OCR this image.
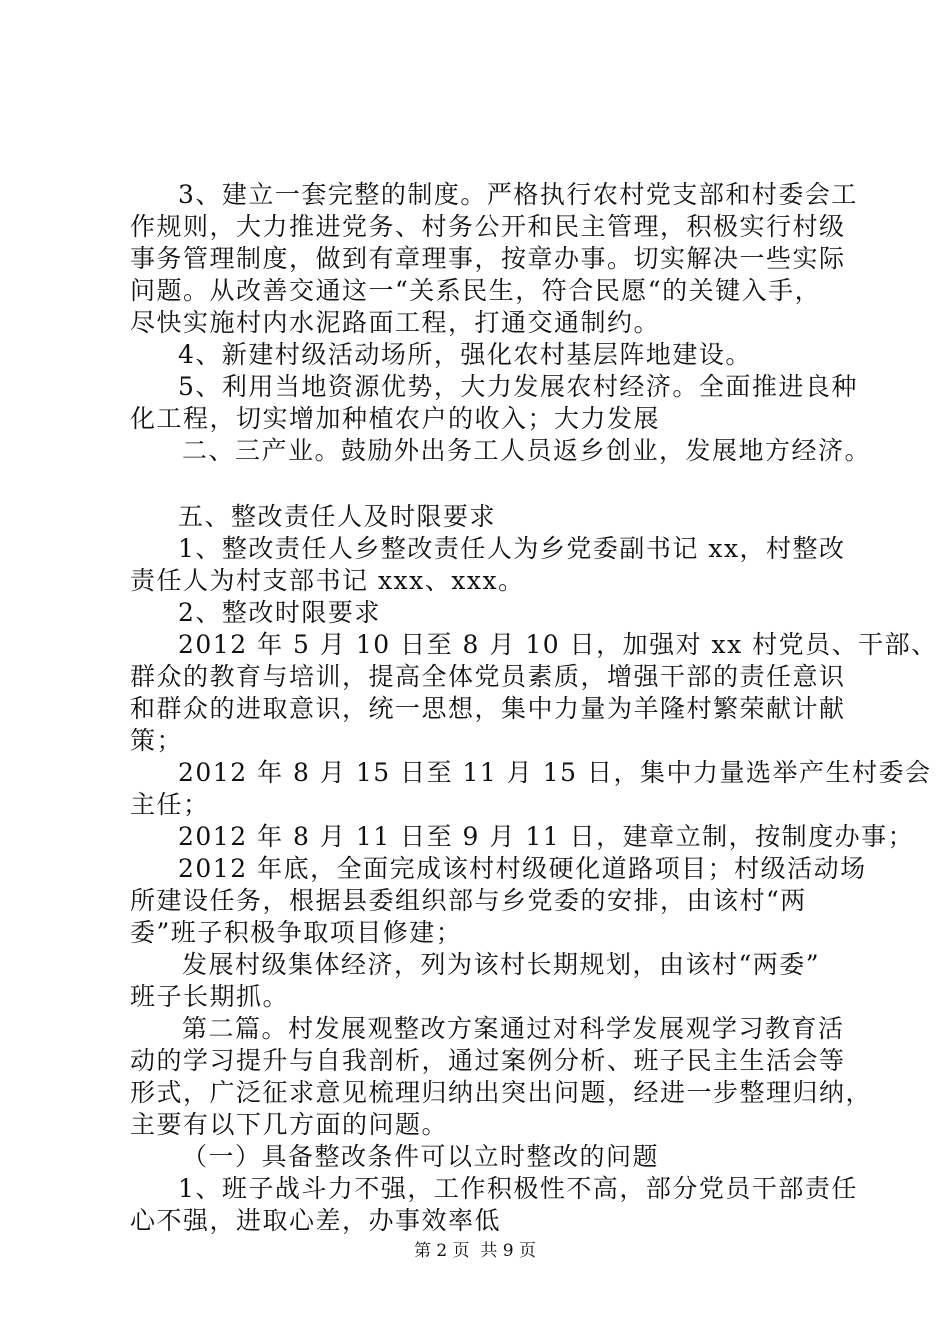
3、建立一套完整的制度。严格执行农村党支部和村委会工
作规则，大力推进党务、村务公开和民主管理，积极实行村级
事务管理制度，做到有章理事，按章办事。切实解决一些实际
问题。从改善交通这一“关系民生，符合民愿“的关键入手，
尽快实施村内水泥路面工程，打通交通制约。
4、新建村级活动场所，强化农村基层阵地建设。
5、利用当地资源优势，大力发展农村经济。全面推进良种
化工程，切实增加种植农户的收入；大力发展
二、三产业。鼓励外出务工人员返乡创业，发展地方经济。
五、整改责任人及时限要求
1、整改责任人乡整改责任人为乡党委副书记 xx，村整改
责任人为村支部书记 xxx、xxx。
2、整改时限要求
2012 年 5 月 10 日至 8 月 10 日，加强对 xx 村党员、干部、
群众的教育与培训，提高全体党员素质，增强干部的责任意识
和群众的进取意识，统一思想，集中力量为羊隆村繁荣献计献
策；
2012 年 8 月 15 日至 11 月 15 日，集中力量选举产生村委会
主任；
2012 年 8 月 11 日至 9 月 11 日，建章立制，按制度办事；
2012 年底，全面完成该村村级硬化道路项目；村级活动场
所建设任务，根据县委组织部与乡党委的安排，由该村“两
委”班子积极争取项目修建；
发展村级集体经济，列为该村长期规划，由该村“两委”
班子长期抓。
第二篇。村发展观整改方案通过对科学发展观学习教育活
动的学习提升与自我剖析，通过案例分析、班子民主生活会等
形式，广泛征求意见梳理归纳出突出问题，经进一步整理归纳，
主要有以下几方面的问题。
（一）具备整改条件可以立时整改的问题
1、班子战斗力不强，工作积极性不高，部分党员干部责任
心不强，进取心差，办事效率低
第 2 页  共 9 页
